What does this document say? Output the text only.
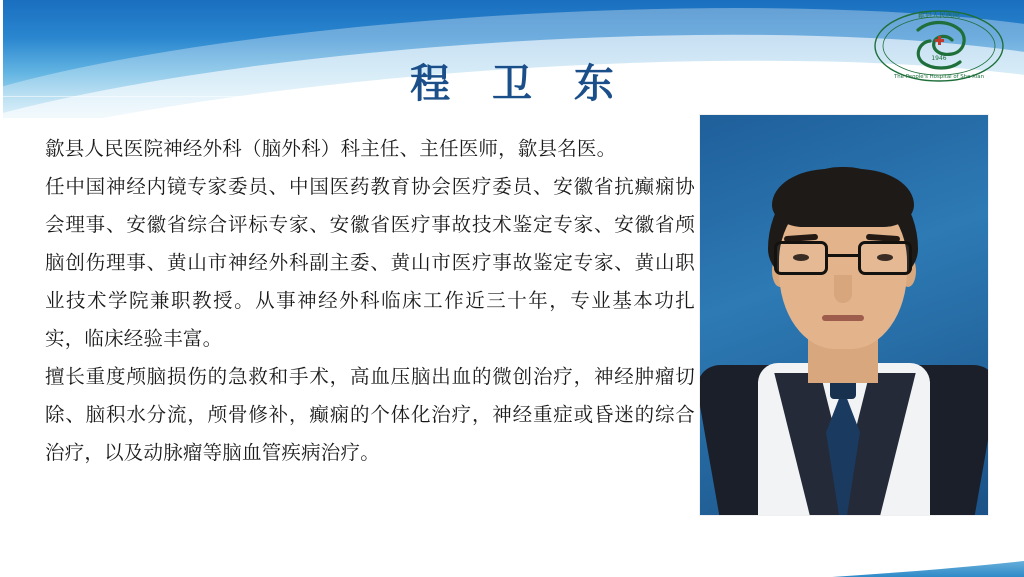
程 卫 东
1946
The People's Hospital of She Xian
歙县人民医院

歙县人民医院神经外科（脑外科）科主任、主任医师，歙县名医。

任中国神经内镜专家委员、中国医药教育协会医疗委员、安徽省抗癫痫协会理事、安徽省综合评标专家、安徽省医疗事故技术鉴定专家、安徽省颅脑创伤理事、黄山市神经外科副主委、黄山市医疗事故鉴定专家、黄山职业技术学院兼职教授。从事神经外科临床工作近三十年，专业基本功扎实，临床经验丰富。

擅长重度颅脑损伤的急救和手术，高血压脑出血的微创治疗，神经肿瘤切除、脑积水分流，颅骨修补，癫痫的个体化治疗，神经重症或昏迷的综合治疗，以及动脉瘤等脑血管疾病治疗。
